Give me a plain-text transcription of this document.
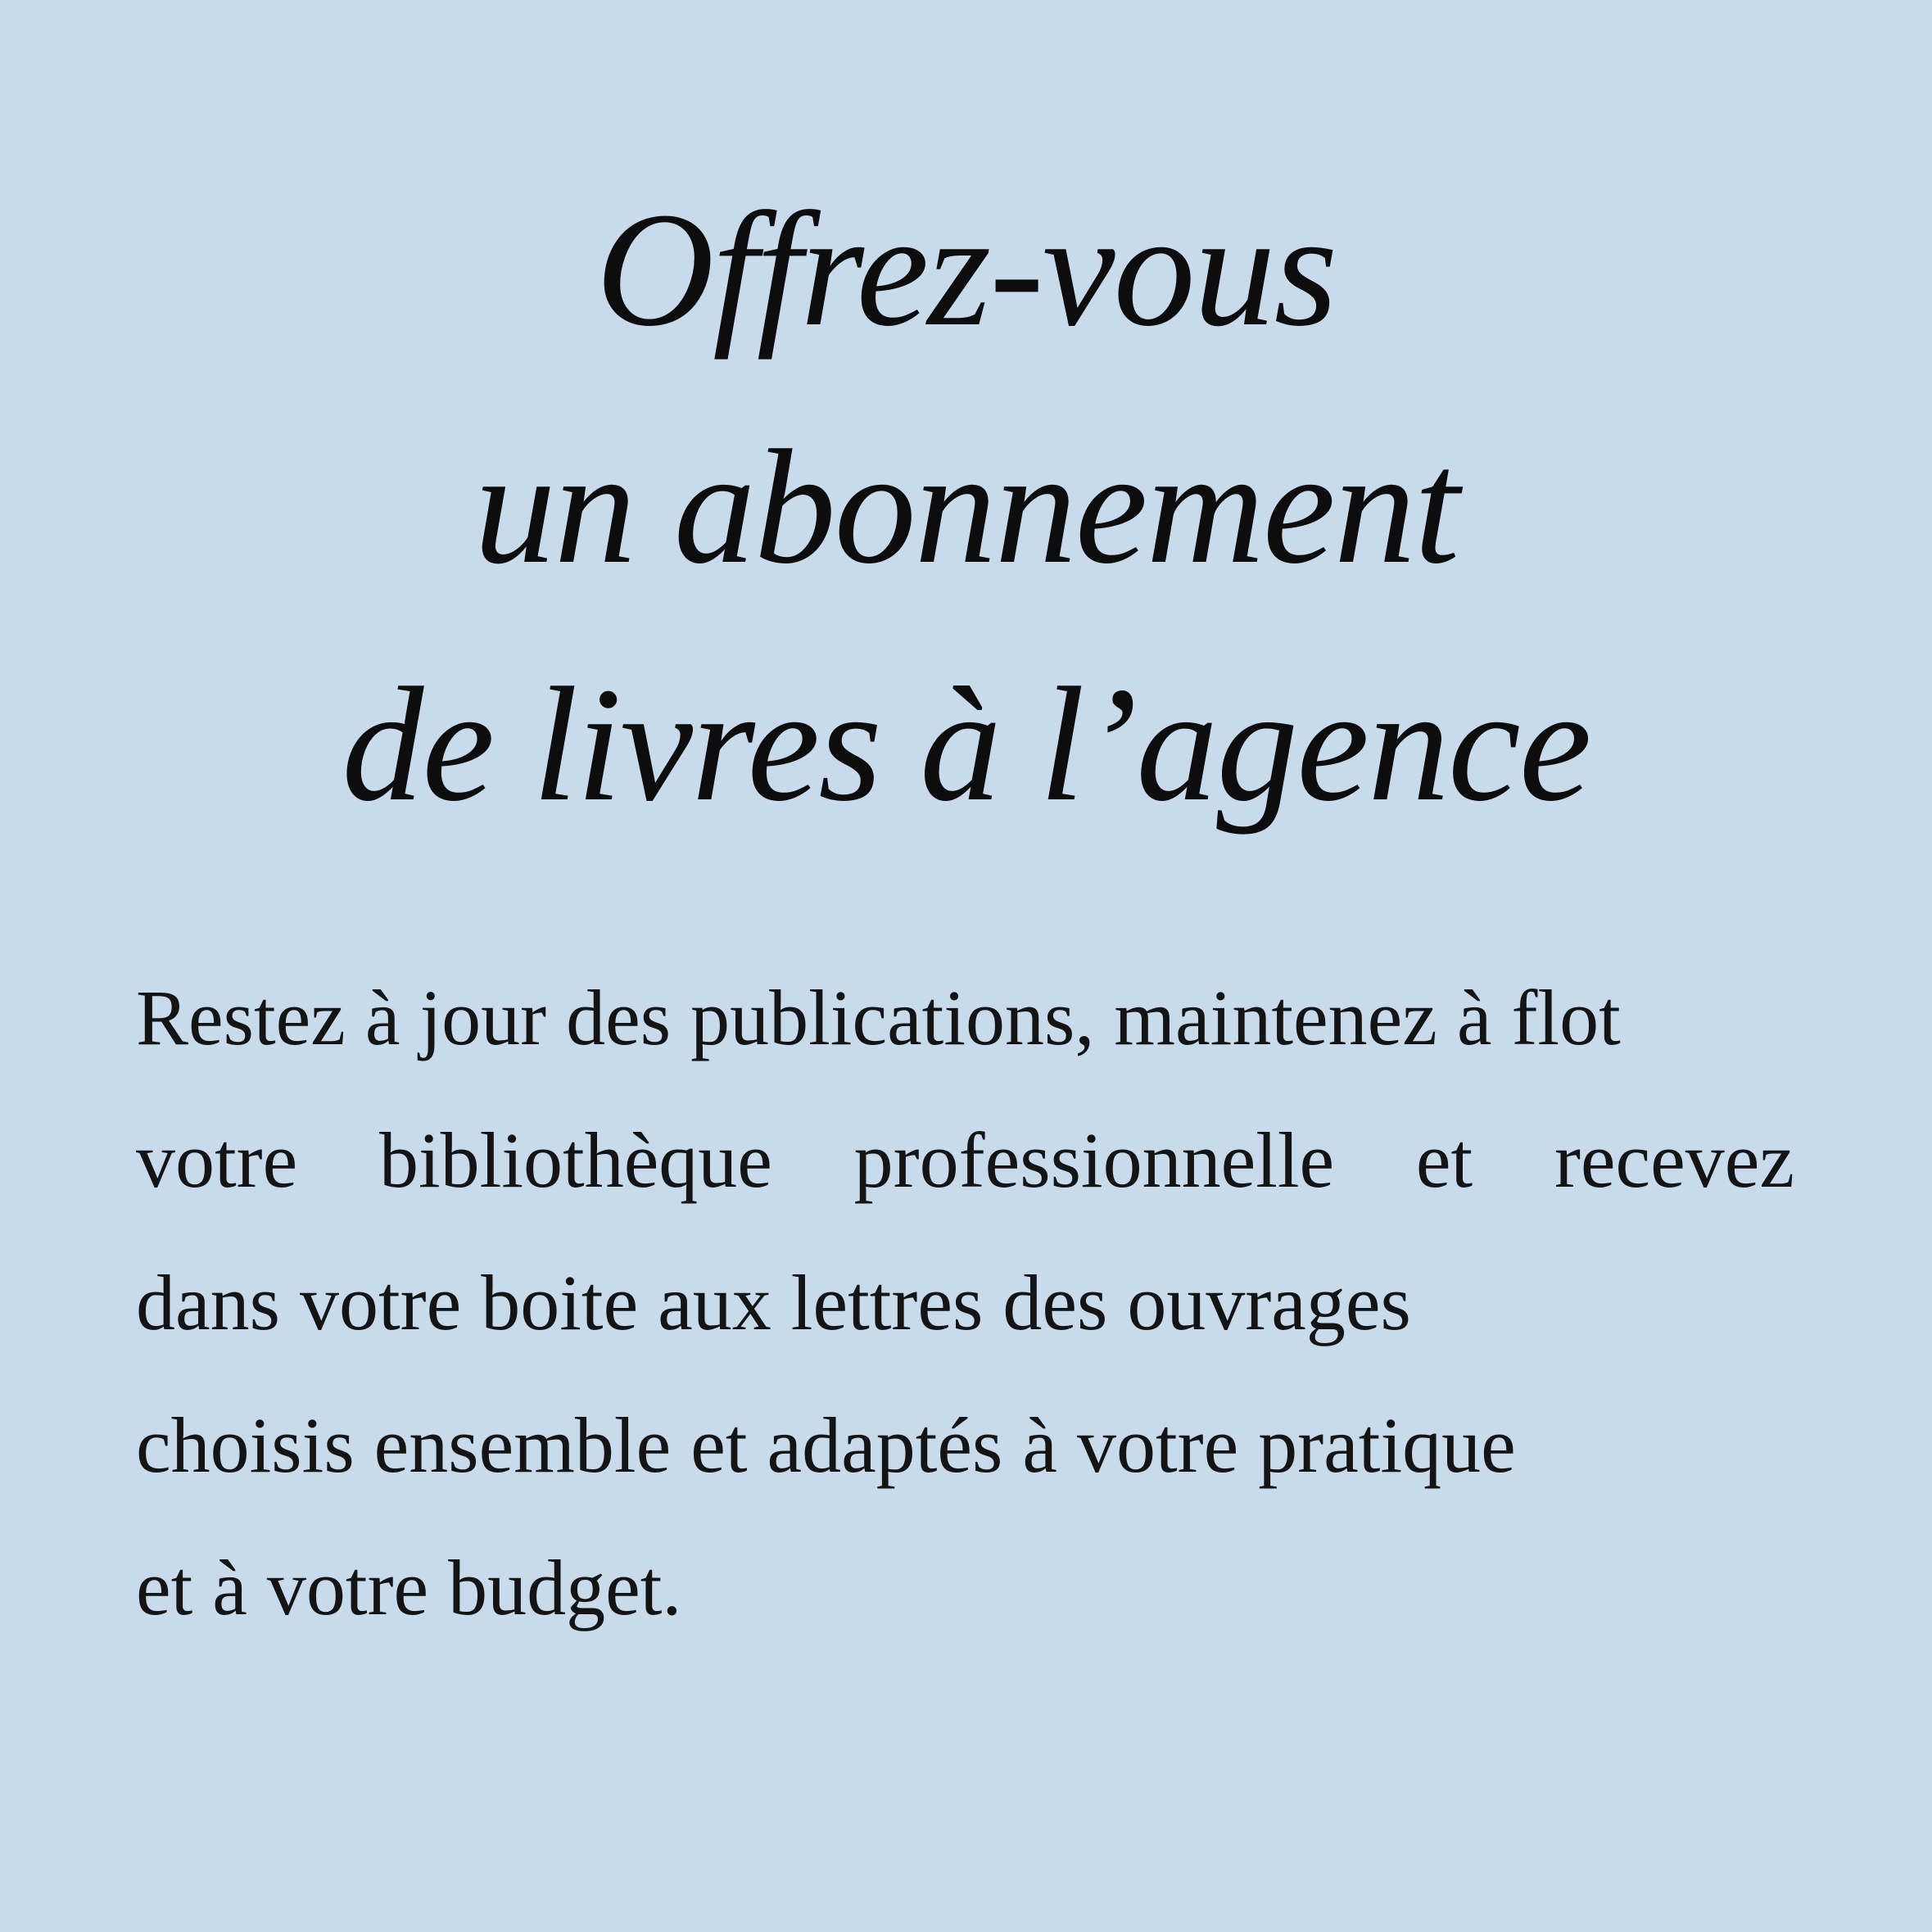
Offrez-vous
un abonnement
de livres à l’agence
Restez à jour des publications, maintenez à flot
votre bibliothèque professionnelle et recevez
dans votre boite aux lettres des ouvrages
choisis ensemble et adaptés à votre pratique
et à votre budget.
